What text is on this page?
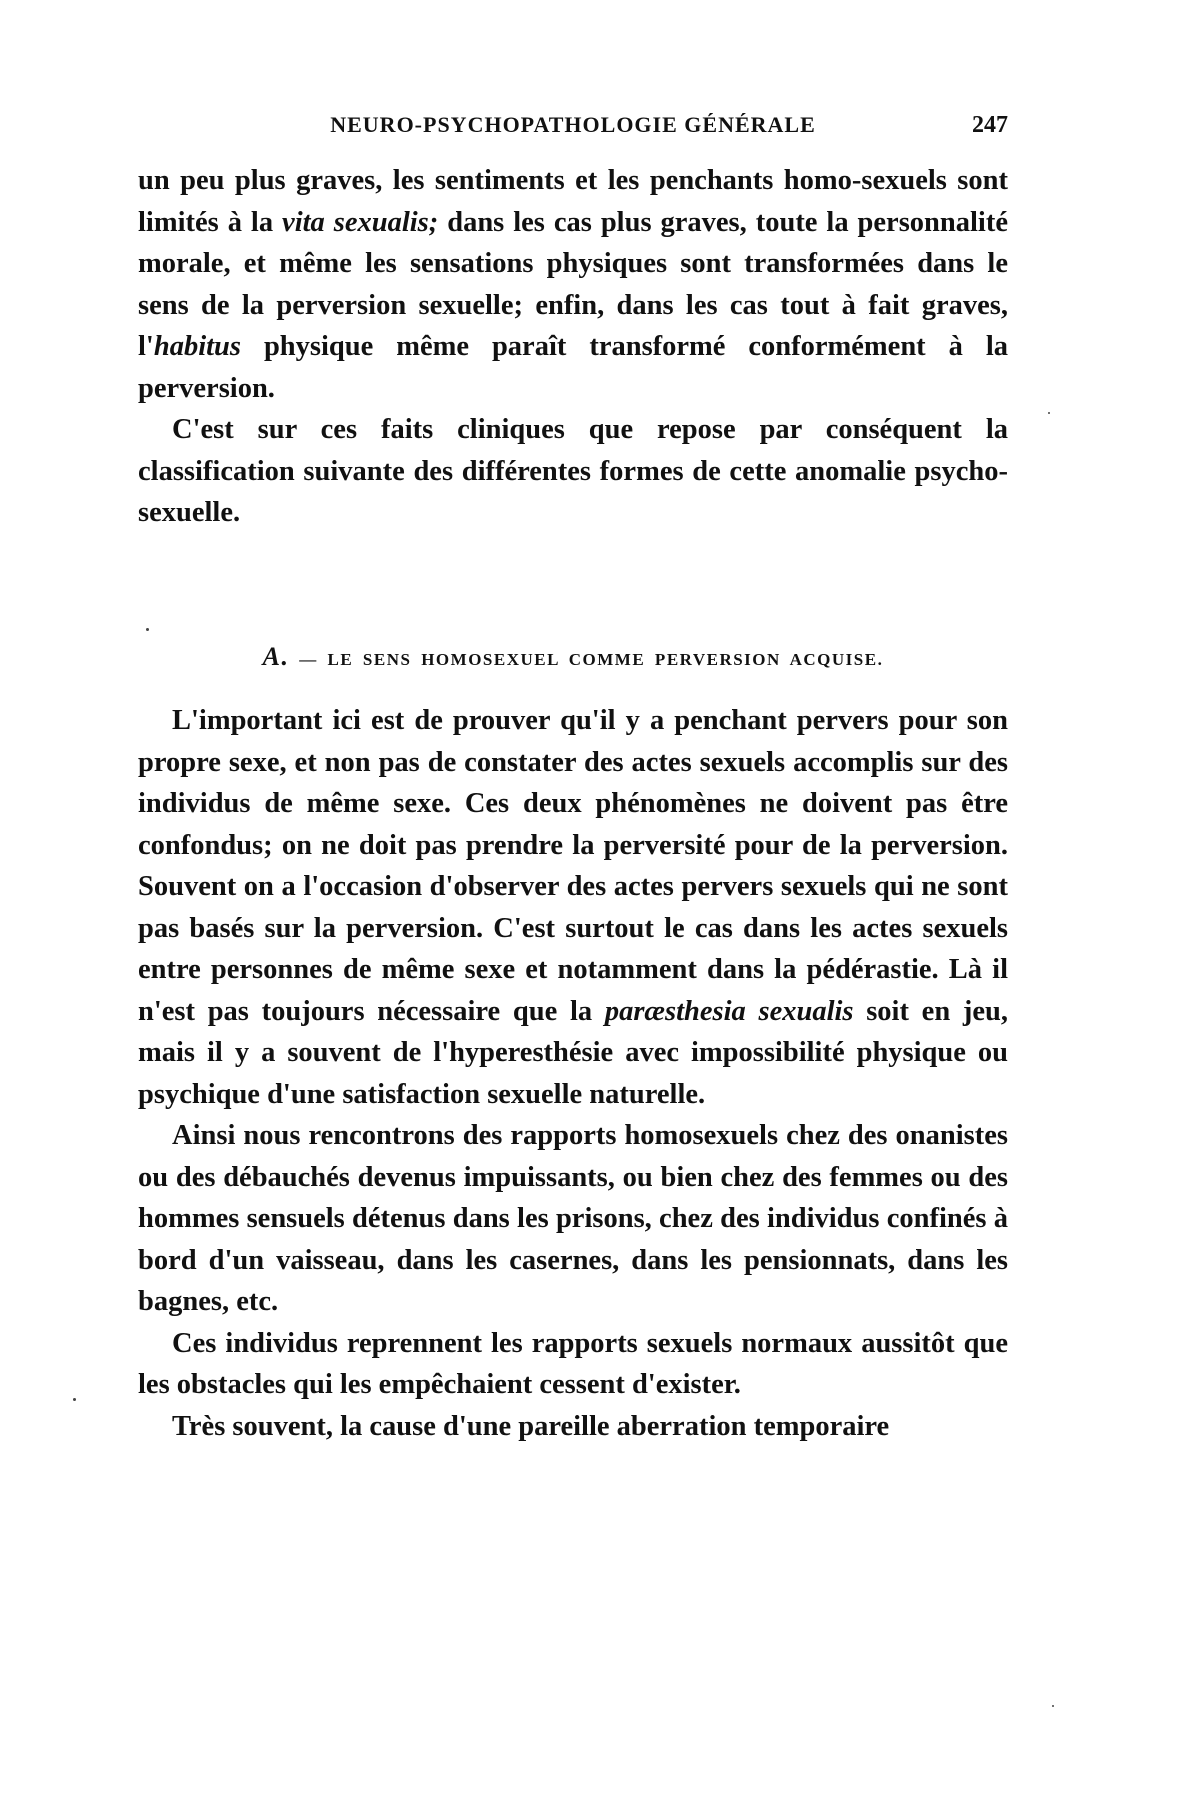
NEURO-PSYCHOPATHOLOGIE GÉNÉRALE	247

un peu plus graves, les sentiments et les penchants homo-sexuels sont limités à la vita sexualis; dans les cas plus graves, toute la personnalité morale, et même les sensations physiques sont transformées dans le sens de la perversion sexuelle; enfin, dans les cas tout à fait graves, l'habitus physique même paraît transformé conformément à la perversion.

C'est sur ces faits cliniques que repose par conséquent la classification suivante des différentes formes de cette anomalie psycho-sexuelle.

A. — LE SENS HOMOSEXUEL COMME PERVERSION ACQUISE.

L'important ici est de prouver qu'il y a penchant pervers pour son propre sexe, et non pas de constater des actes sexuels accomplis sur des individus de même sexe. Ces deux phénomènes ne doivent pas être confondus; on ne doit pas prendre la perversité pour de la perversion. Souvent on a l'occasion d'observer des actes pervers sexuels qui ne sont pas basés sur la perversion. C'est surtout le cas dans les actes sexuels entre personnes de même sexe et notamment dans la pédérastie. Là il n'est pas toujours nécessaire que la paræsthesia sexualis soit en jeu, mais il y a souvent de l'hyperesthésie avec impossibilité physique ou psychique d'une satisfaction sexuelle naturelle.

Ainsi nous rencontrons des rapports homosexuels chez des onanistes ou des débauchés devenus impuissants, ou bien chez des femmes ou des hommes sensuels détenus dans les prisons, chez des individus confinés à bord d'un vaisseau, dans les casernes, dans les pensionnats, dans les bagnes, etc.

Ces individus reprennent les rapports sexuels normaux aussitôt que les obstacles qui les empêchaient cessent d'exister.

Très souvent, la cause d'une pareille aberration temporaire
